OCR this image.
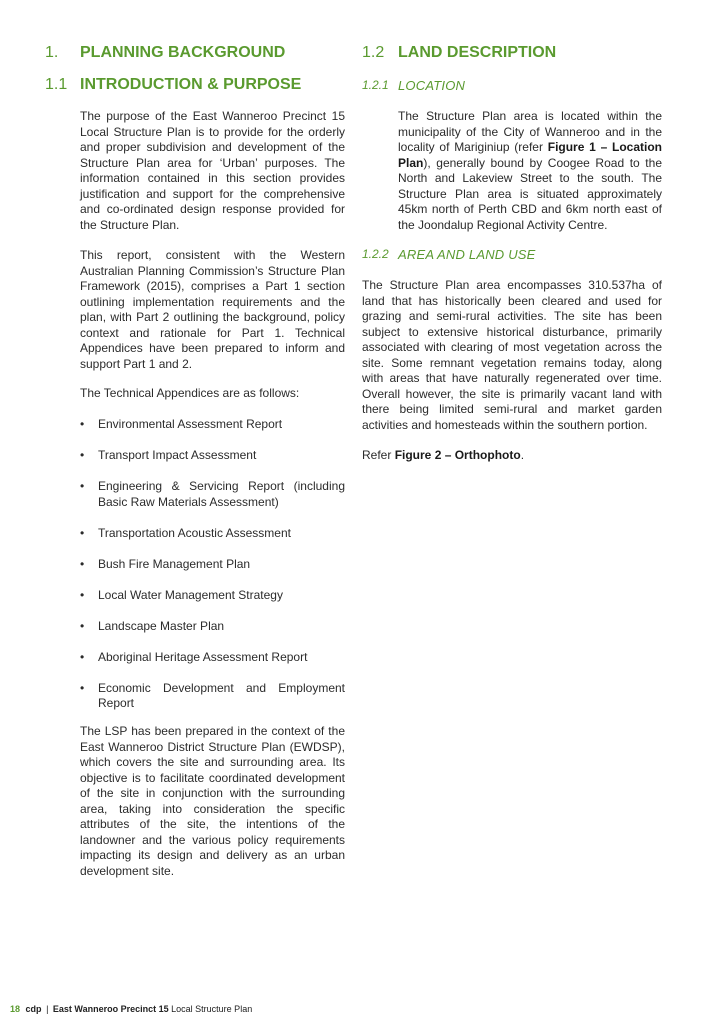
1. PLANNING BACKGROUND
1.1 INTRODUCTION & PURPOSE

The purpose of the East Wanneroo Precinct 15 Local Structure Plan is to provide for the orderly and proper subdivision and development of the Structure Plan area for ‘Urban’ purposes. The information contained in this section provides justification and support for the comprehensive and co-ordinated design response provided for the Structure Plan.

This report, consistent with the Western Australian Planning Commission’s Structure Plan Framework (2015), comprises a Part 1 section outlining implementation requirements and the plan, with Part 2 outlining the background, policy context and rationale for Part 1. Technical Appendices have been prepared to inform and support Part 1 and 2.

The Technical Appendices are as follows:

• Environmental Assessment Report
• Transport Impact Assessment
• Engineering & Servicing Report (including Basic Raw Materials Assessment)
• Transportation Acoustic Assessment
• Bush Fire Management Plan
• Local Water Management Strategy
• Landscape Master Plan
• Aboriginal Heritage Assessment Report
• Economic Development and Employment Report

The LSP has been prepared in the context of the East Wanneroo District Structure Plan (EWDSP), which covers the site and surrounding area. Its objective is to facilitate coordinated development of the site in conjunction with the surrounding area, taking into consideration the specific attributes of the site, the intentions of the landowner and the various policy requirements impacting its design and delivery as an urban development site.

1.2 LAND DESCRIPTION
1.2.1 LOCATION

The Structure Plan area is located within the municipality of the City of Wanneroo and in the locality of Mariginiup (refer Figure 1 – Location Plan), generally bound by Coogee Road to the North and Lakeview Street to the south. The Structure Plan area is situated approximately 45km north of Perth CBD and 6km north east of the Joondalup Regional Activity Centre.

1.2.2 AREA AND LAND USE

The Structure Plan area encompasses 310.537ha of land that has historically been cleared and used for grazing and semi-rural activities. The site has been subject to extensive historical disturbance, primarily associated with clearing of most vegetation across the site. Some remnant vegetation remains today, along with areas that have naturally regenerated over time. Overall however, the site is primarily vacant land with there being limited semi-rural and market garden activities and homesteads within the southern portion.

Refer Figure 2 – Orthophoto.

18 cdp | East Wanneroo Precinct 15 Local Structure Plan
